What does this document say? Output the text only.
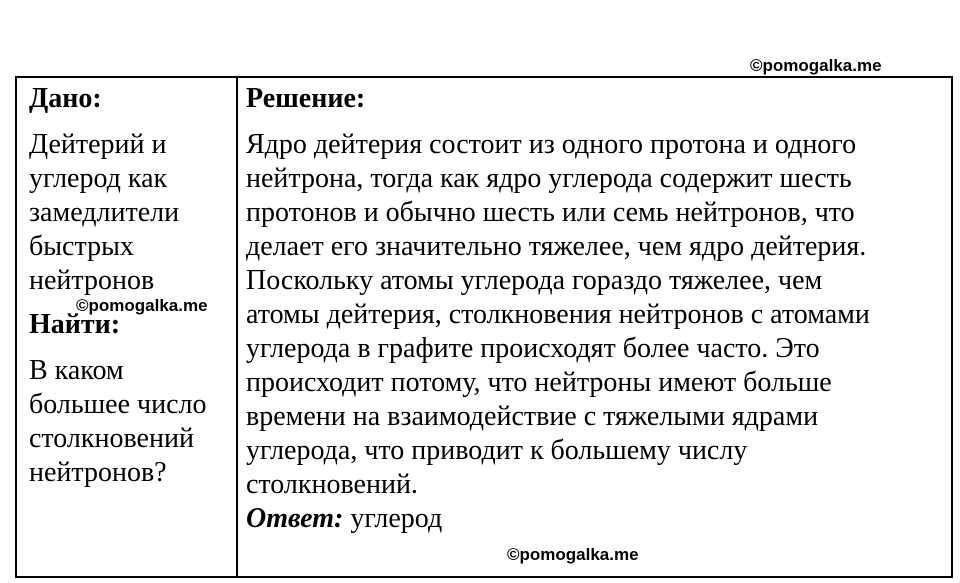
©pomogalka.me
Дано:
Дейтерий и
углерод как
замедлители
быстрых
нейтронов
Найти:
В каком
большее число
столкновений
нейтронов?
Решение:
Ядро дейтерия состоит из одного протона и одного
нейтрона, тогда как ядро углерода содержит шесть
протонов и обычно шесть или семь нейтронов, что
делает его значительно тяжелее, чем ядро дейтерия.
Поскольку атомы углерода гораздо тяжелее, чем
атомы дейтерия, столкновения нейтронов с атомами
углерода в графите происходят более часто. Это
происходит потому, что нейтроны имеют больше
времени на взаимодействие с тяжелыми ядрами
углерода, что приводит к большему числу
столкновений.
Ответ: углерод
©pomogalka.me
©pomogalka.me
